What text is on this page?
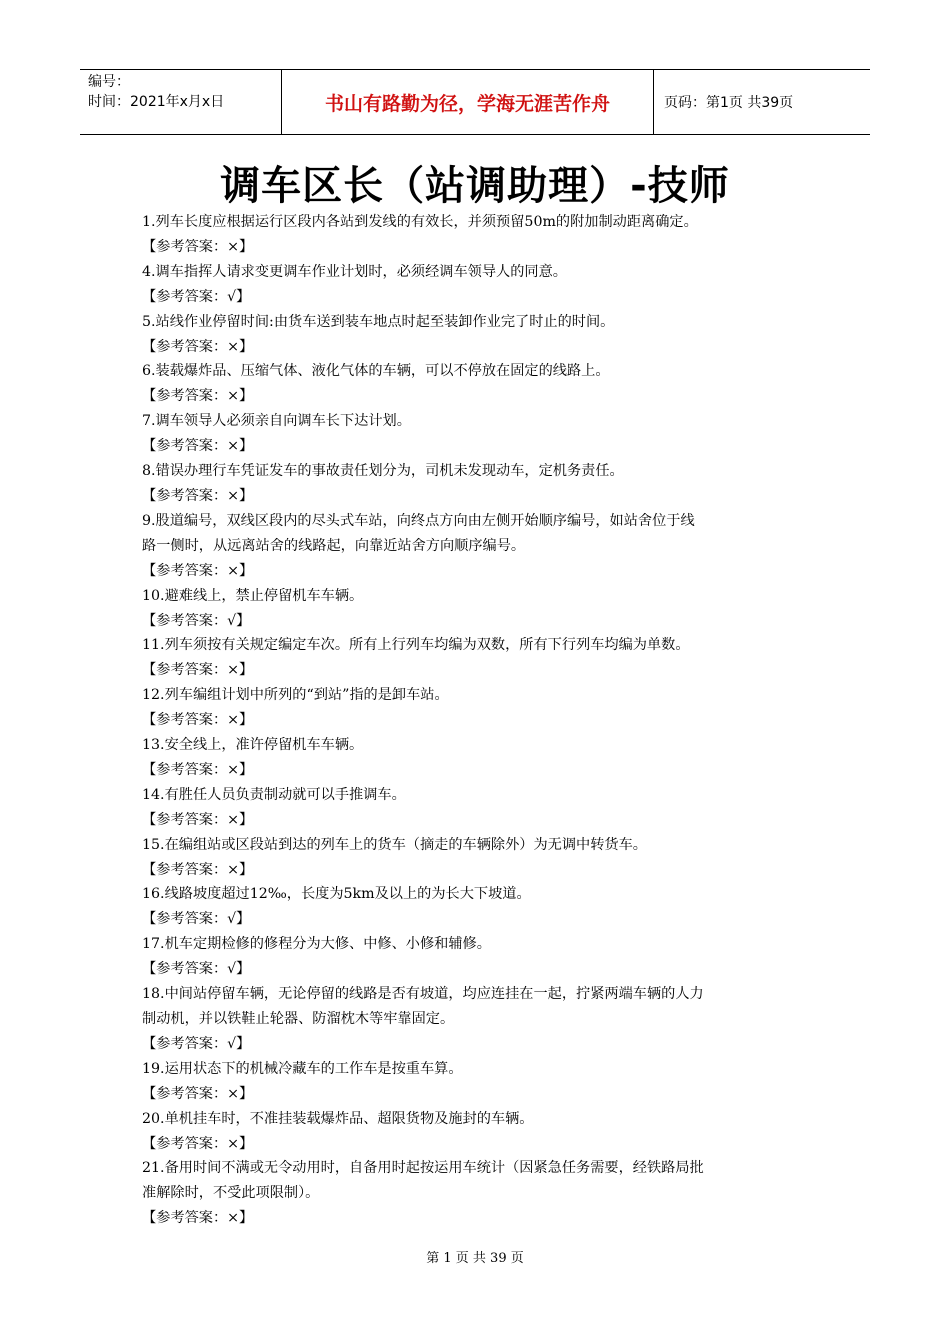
编号：
时间：2021年x月x日	书山有路勤为径，学海无涯苦作舟	页码：第1页 共39页
调车区长（站调助理）-技师

1.列车长度应根据运行区段内各站到发线的有效长，并须预留50m的附加制动距离确定。

【参考答案：×】

4.调车指挥人请求变更调车作业计划时，必须经调车领导人的同意。

【参考答案：√】

5.站线作业停留时间:由货车送到装车地点时起至装卸作业完了时止的时间。

【参考答案：×】

6.装载爆炸品、压缩气体、液化气体的车辆，可以不停放在固定的线路上。

【参考答案：×】

7.调车领导人必须亲自向调车长下达计划。

【参考答案：×】

8.错误办理行车凭证发车的事故责任划分为，司机未发现动车，定机务责任。

【参考答案：×】

9.股道编号，双线区段内的尽头式车站，向终点方向由左侧开始顺序编号，如站舍位于线

路一侧时，从远离站舍的线路起，向靠近站舍方向顺序编号。

【参考答案：×】

10.避难线上，禁止停留机车车辆。

【参考答案：√】

11.列车须按有关规定编定车次。所有上行列车均编为双数，所有下行列车均编为单数。

【参考答案：×】

12.列车编组计划中所列的“到站”指的是卸车站。

【参考答案：×】

13.安全线上，准许停留机车车辆。

【参考答案：×】

14.有胜任人员负责制动就可以手推调车。

【参考答案：×】

15.在编组站或区段站到达的列车上的货车（摘走的车辆除外）为无调中转货车。

【参考答案：×】

16.线路坡度超过12‰，长度为5km及以上的为长大下坡道。

【参考答案：√】

17.机车定期检修的修程分为大修、中修、小修和辅修。

【参考答案：√】

18.中间站停留车辆，无论停留的线路是否有坡道，均应连挂在一起，拧紧两端车辆的人力

制动机，并以铁鞋止轮器、防溜枕木等牢靠固定。

【参考答案：√】

19.运用状态下的机械冷藏车的工作车是按重车算。

【参考答案：×】

20.单机挂车时，不准挂装载爆炸品、超限货物及施封的车辆。

【参考答案：×】

21.备用时间不满或无令动用时，自备用时起按运用车统计（因紧急任务需要，经铁路局批

准解除时，不受此项限制）。

【参考答案：×】

第 1 页 共 39 页
